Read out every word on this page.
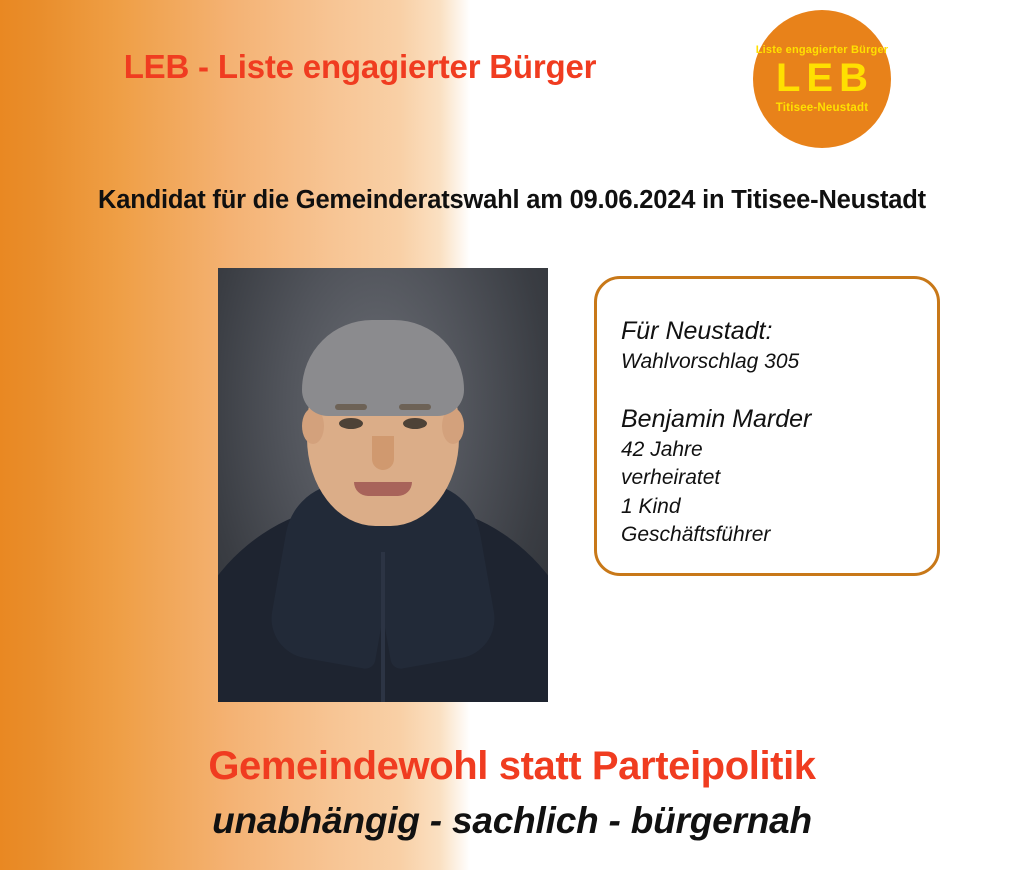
LEB - Liste engagierter Bürger	Liste engagierter Bürger
LEB
Titisee-Neustadt
Kandidat für die Gemeinderatswahl am 09.06.2024 in Titisee-Neustadt
Für Neustadt:
Wahlvorschlag 305
Benjamin Marder
42 Jahre
verheiratet
1 Kind
Geschäftsführer
Gemeindewohl statt Parteipolitik
unabhängig - sachlich - bürgernah
